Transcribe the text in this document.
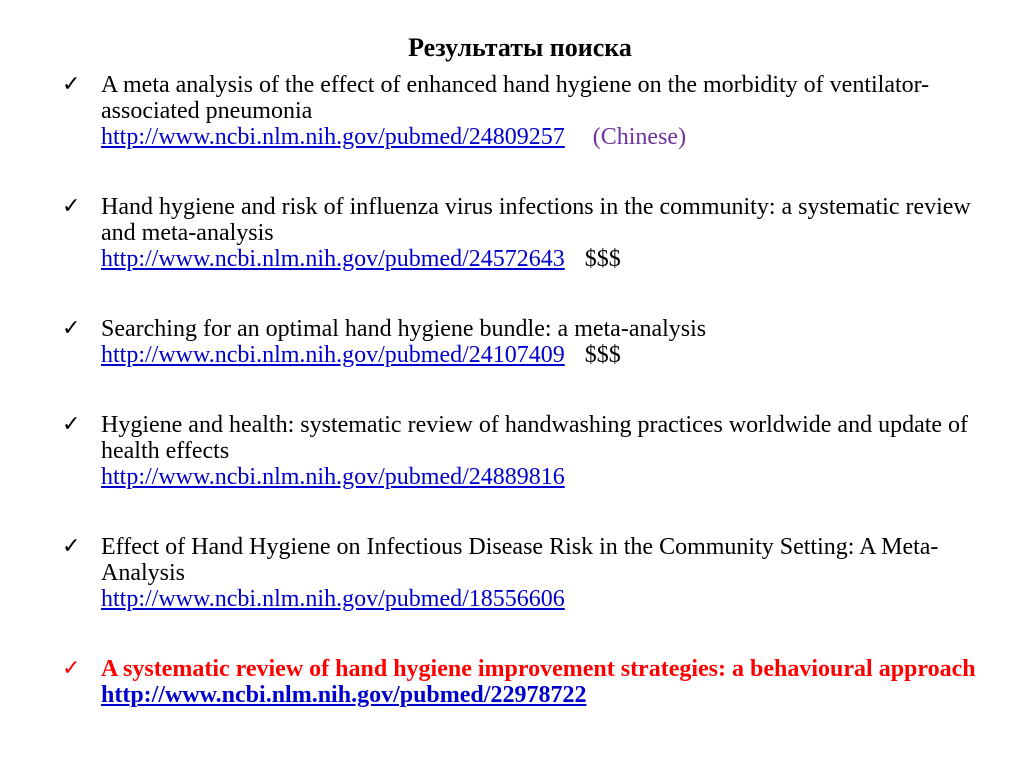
Результаты поиска
✓ A meta analysis of the effect of enhanced hand hygiene on the morbidity of ventilator-associated pneumonia
http://www.ncbi.nlm.nih.gov/pubmed/24809257 (Chinese)
✓ Hand hygiene and risk of influenza virus infections in the community: a systematic review and meta-analysis
http://www.ncbi.nlm.nih.gov/pubmed/24572643 $$$
✓ Searching for an optimal hand hygiene bundle: a meta-analysis
http://www.ncbi.nlm.nih.gov/pubmed/24107409 $$$
✓ Hygiene and health: systematic review of handwashing practices worldwide and update of health effects
http://www.ncbi.nlm.nih.gov/pubmed/24889816
✓ Effect of Hand Hygiene on Infectious Disease Risk in the Community Setting: A Meta-Analysis
http://www.ncbi.nlm.nih.gov/pubmed/18556606
✓ A systematic review of hand hygiene improvement strategies: a behavioural approach
http://www.ncbi.nlm.nih.gov/pubmed/22978722
